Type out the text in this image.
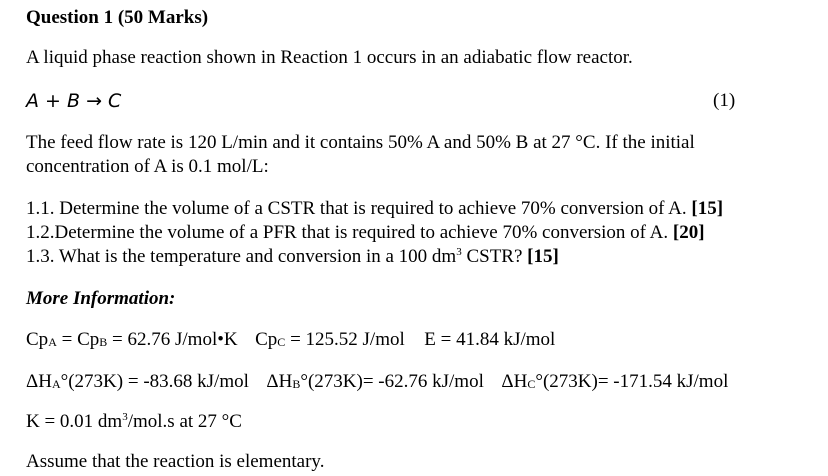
Question 1 (50 Marks)
A liquid phase reaction shown in Reaction 1 occurs in an adiabatic flow reactor.
A + B → C	(1)
The feed flow rate is 120 L/min and it contains 50% A and 50% B at 27 °C. If the initial
concentration of A is 0.1 mol/L:
1.1. Determine the volume of a CSTR that is required to achieve 70% conversion of A. [15]
1.2.Determine the volume of a PFR that is required to achieve 70% conversion of A. [20]
1.3. What is the temperature and conversion in a 100 $dm^3$ CSTR? [15]
More Information:
CpA = CpB = 62.76 J/mol•K CpC = 125.52 J/mol E = 41.84 kJ/mol
ΔHA°(273K) = -83.68 kJ/mol ΔHB°(273K)= -62.76 kJ/mol ΔHC°(273K)= -171.54 kJ/mol
K = 0.01 $dm^3/mol.s$ at 27 °C
Assume that the reaction is elementary.
